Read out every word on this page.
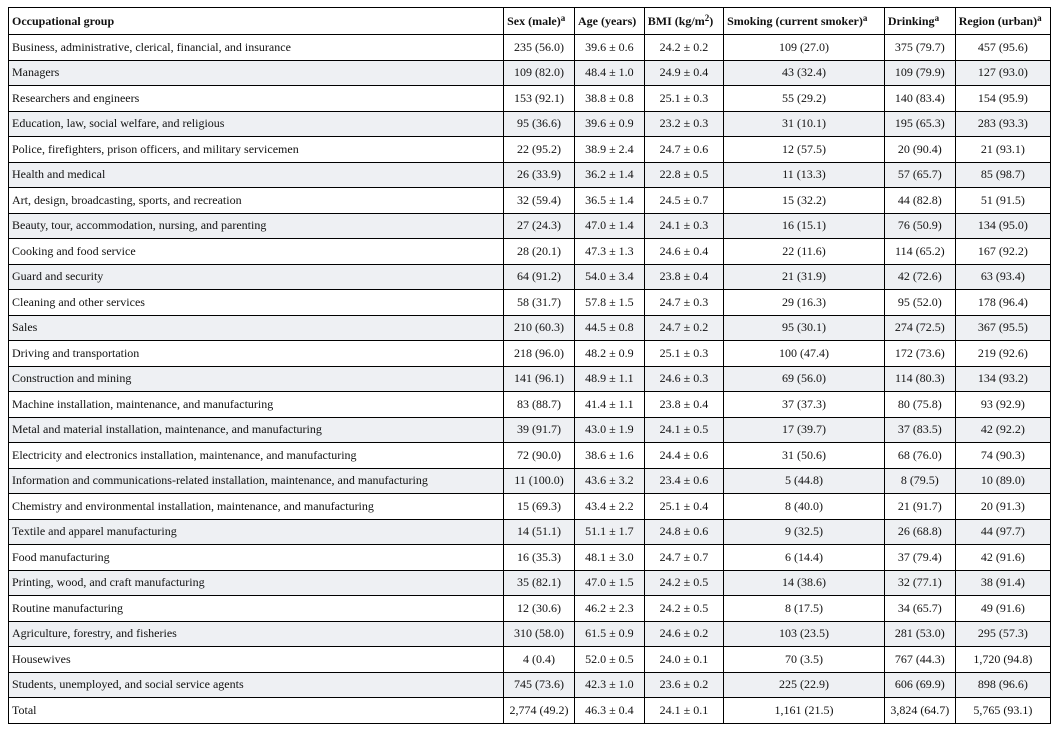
Occupational group	Sex (male)$^a$	Age (years)	BMI $(kg/m^2)$	Smoking (current smoker)$^a$	Drinking$^a$	Region (urban)$^a$
Business, administrative, clerical, financial, and insurance	235 (56.0)	39.6 ± 0.6	24.2 ± 0.2	109 (27.0)	375 (79.7)	457 (95.6)
Managers	109 (82.0)	48.4 ± 1.0	24.9 ± 0.4	43 (32.4)	109 (79.9)	127 (93.0)
Researchers and engineers	153 (92.1)	38.8 ± 0.8	25.1 ± 0.3	55 (29.2)	140 (83.4)	154 (95.9)
Education, law, social welfare, and religious	95 (36.6)	39.6 ± 0.9	23.2 ± 0.3	31 (10.1)	195 (65.3)	283 (93.3)
Police, firefighters, prison officers, and military servicemen	22 (95.2)	38.9 ± 2.4	24.7 ± 0.6	12 (57.5)	20 (90.4)	21 (93.1)
Health and medical	26 (33.9)	36.2 ± 1.4	22.8 ± 0.5	11 (13.3)	57 (65.7)	85 (98.7)
Art, design, broadcasting, sports, and recreation	32 (59.4)	36.5 ± 1.4	24.5 ± 0.7	15 (32.2)	44 (82.8)	51 (91.5)
Beauty, tour, accommodation, nursing, and parenting	27 (24.3)	47.0 ± 1.4	24.1 ± 0.3	16 (15.1)	76 (50.9)	134 (95.0)
Cooking and food service	28 (20.1)	47.3 ± 1.3	24.6 ± 0.4	22 (11.6)	114 (65.2)	167 (92.2)
Guard and security	64 (91.2)	54.0 ± 3.4	23.8 ± 0.4	21 (31.9)	42 (72.6)	63 (93.4)
Cleaning and other services	58 (31.7)	57.8 ± 1.5	24.7 ± 0.3	29 (16.3)	95 (52.0)	178 (96.4)
Sales	210 (60.3)	44.5 ± 0.8	24.7 ± 0.2	95 (30.1)	274 (72.5)	367 (95.5)
Driving and transportation	218 (96.0)	48.2 ± 0.9	25.1 ± 0.3	100 (47.4)	172 (73.6)	219 (92.6)
Construction and mining	141 (96.1)	48.9 ± 1.1	24.6 ± 0.3	69 (56.0)	114 (80.3)	134 (93.2)
Machine installation, maintenance, and manufacturing	83 (88.7)	41.4 ± 1.1	23.8 ± 0.4	37 (37.3)	80 (75.8)	93 (92.9)
Metal and material installation, maintenance, and manufacturing	39 (91.7)	43.0 ± 1.9	24.1 ± 0.5	17 (39.7)	37 (83.5)	42 (92.2)
Electricity and electronics installation, maintenance, and manufacturing	72 (90.0)	38.6 ± 1.6	24.4 ± 0.6	31 (50.6)	68 (76.0)	74 (90.3)
Information and communications-related installation, maintenance, and manufacturing	11 (100.0)	43.6 ± 3.2	23.4 ± 0.6	5 (44.8)	8 (79.5)	10 (89.0)
Chemistry and environmental installation, maintenance, and manufacturing	15 (69.3)	43.4 ± 2.2	25.1 ± 0.4	8 (40.0)	21 (91.7)	20 (91.3)
Textile and apparel manufacturing	14 (51.1)	51.1 ± 1.7	24.8 ± 0.6	9 (32.5)	26 (68.8)	44 (97.7)
Food manufacturing	16 (35.3)	48.1 ± 3.0	24.7 ± 0.7	6 (14.4)	37 (79.4)	42 (91.6)
Printing, wood, and craft manufacturing	35 (82.1)	47.0 ± 1.5	24.2 ± 0.5	14 (38.6)	32 (77.1)	38 (91.4)
Routine manufacturing	12 (30.6)	46.2 ± 2.3	24.2 ± 0.5	8 (17.5)	34 (65.7)	49 (91.6)
Agriculture, forestry, and fisheries	310 (58.0)	61.5 ± 0.9	24.6 ± 0.2	103 (23.5)	281 (53.0)	295 (57.3)
Housewives	4 (0.4)	52.0 ± 0.5	24.0 ± 0.1	70 (3.5)	767 (44.3)	1,720 (94.8)
Students, unemployed, and social service agents	745 (73.6)	42.3 ± 1.0	23.6 ± 0.2	225 (22.9)	606 (69.9)	898 (96.6)
Total	2,774 (49.2)	46.3 ± 0.4	24.1 ± 0.1	1,161 (21.5)	3,824 (64.7)	5,765 (93.1)
